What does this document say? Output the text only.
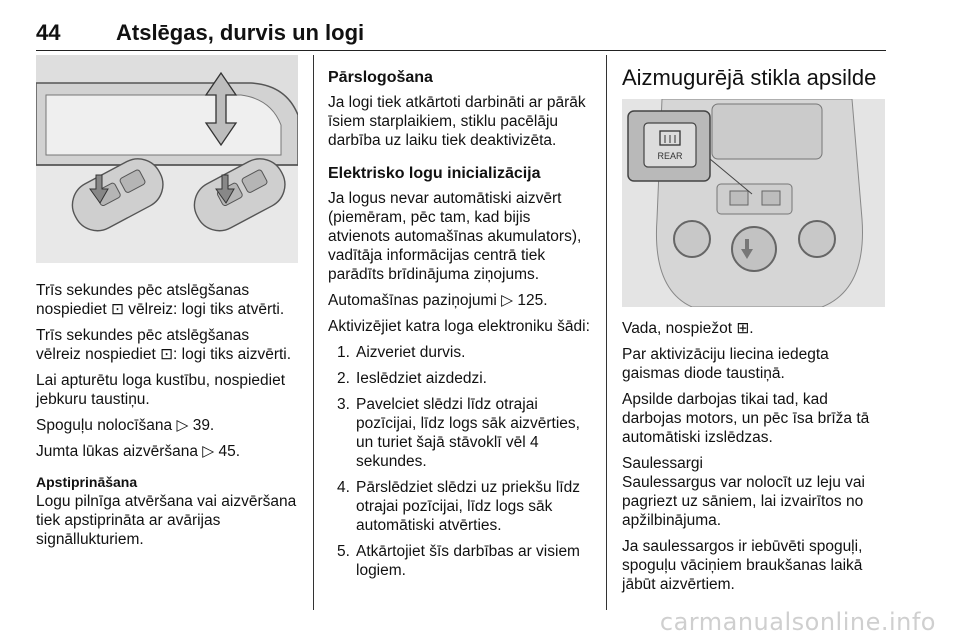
44	Atslēgas, durvis un logi

Trīs sekundes pēc atslēgšanas nospiediet ⊡ vēlreiz: logi tiks atvērti.

Trīs sekundes pēc atslēgšanas vēlreiz nospiediet ⊡: logi tiks aizvērti.

Lai apturētu loga kustību, nospiediet jebkuru taustiņu.

Spoguļu nolocīšana ▷ 39.

Jumta lūkas aizvēršana ▷ 45.

Apstiprināšana

Logu pilnīga atvēršana vai aizvēršana tiek apstiprināta ar avārijas signāllukturiem.

Pārslogošana

Ja logi tiek atkārtoti darbināti ar pārāk īsiem starplaikiem, stiklu pacēlāju darbība uz laiku tiek deaktivizēta.

Elektrisko logu inicializācija

Ja logus nevar automātiski aizvērt (piemēram, pēc tam, kad bijis atvienots automašīnas akumulators), vadītāja informācijas centrā tiek parādīts brīdinājuma ziņojums.

Automašīnas paziņojumi ▷ 125.

Aktivizējiet katra loga elektroniku šādi:

1. Aizveriet durvis.
2. Ieslēdziet aizdedzi.
3. Pavelciet slēdzi līdz otrajai pozīcijai, līdz logs sāk aizvērties, un turiet šajā stāvoklī vēl 4 sekundes.
4. Pārslēdziet slēdzi uz priekšu līdz otrajai pozīcijai, līdz logs sāk automātiski atvērties.
5. Atkārtojiet šīs darbības ar visiem logiem.
Aizmugurējā stikla apsilde
REAR

Vada, nospiežot ⊞.

Par aktivizāciju liecina iedegta gaismas diode taustiņā.

Apsilde darbojas tikai tad, kad darbojas motors, un pēc īsa brīža tā automātiski izslēdzas.

Saulessargi

Saulessargus var nolocīt uz leju vai pagriezt uz sāniem, lai izvairītos no apžilbinājuma.

Ja saulessargos ir iebūvēti spoguļi, spoguļu vāciņiem braukšanas laikā jābūt aizvērtiem.

carmanualsonline.info
